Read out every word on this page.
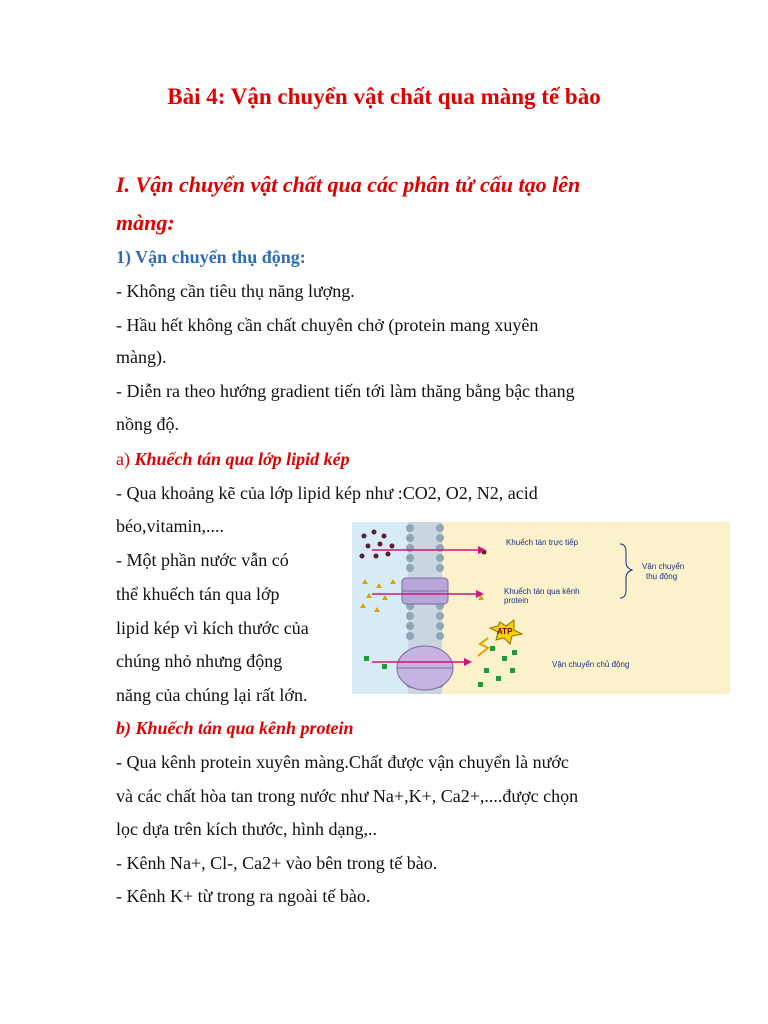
Bài 4: Vận chuyển vật chất qua màng tế bào
I. Vận chuyển vật chất qua các phân tử cấu tạo lên
màng:
1) Vận chuyển thụ động:
- Không cần tiêu thụ năng lượng.
- Hầu hết không cần chất chuyên chở (protein mang xuyên
màng).
- Diễn ra theo hướng gradient tiến tới làm thăng bằng bậc thang
nồng độ.
a) Khuếch tán qua lớp lipid kép
- Qua khoảng kẽ của lớp lipid kép như :CO2, O2, N2, acid
béo,vitamin,....
- Một phần nước vẫn có
thể khuếch tán qua lớp
lipid kép vì kích thước của
chúng nhỏ nhưng động
năng của chúng lại rất lớn.
b) Khuếch tán qua kênh protein
- Qua kênh protein xuyên màng.Chất được vận chuyển là nước
và các chất hòa tan trong nước như Na+,K+, Ca2+,....được chọn
lọc dựa trên kích thước, hình dạng,..
- Kênh Na+, Cl-, Ca2+ vào bên trong tế bào.
- Kênh K+ từ trong ra ngoài tế bào.
ATP
Khuếch tán trực tiếp
Khuếch tán qua kênh
protein
Vận chuyển
thụ động
Vận chuyển chủ động
